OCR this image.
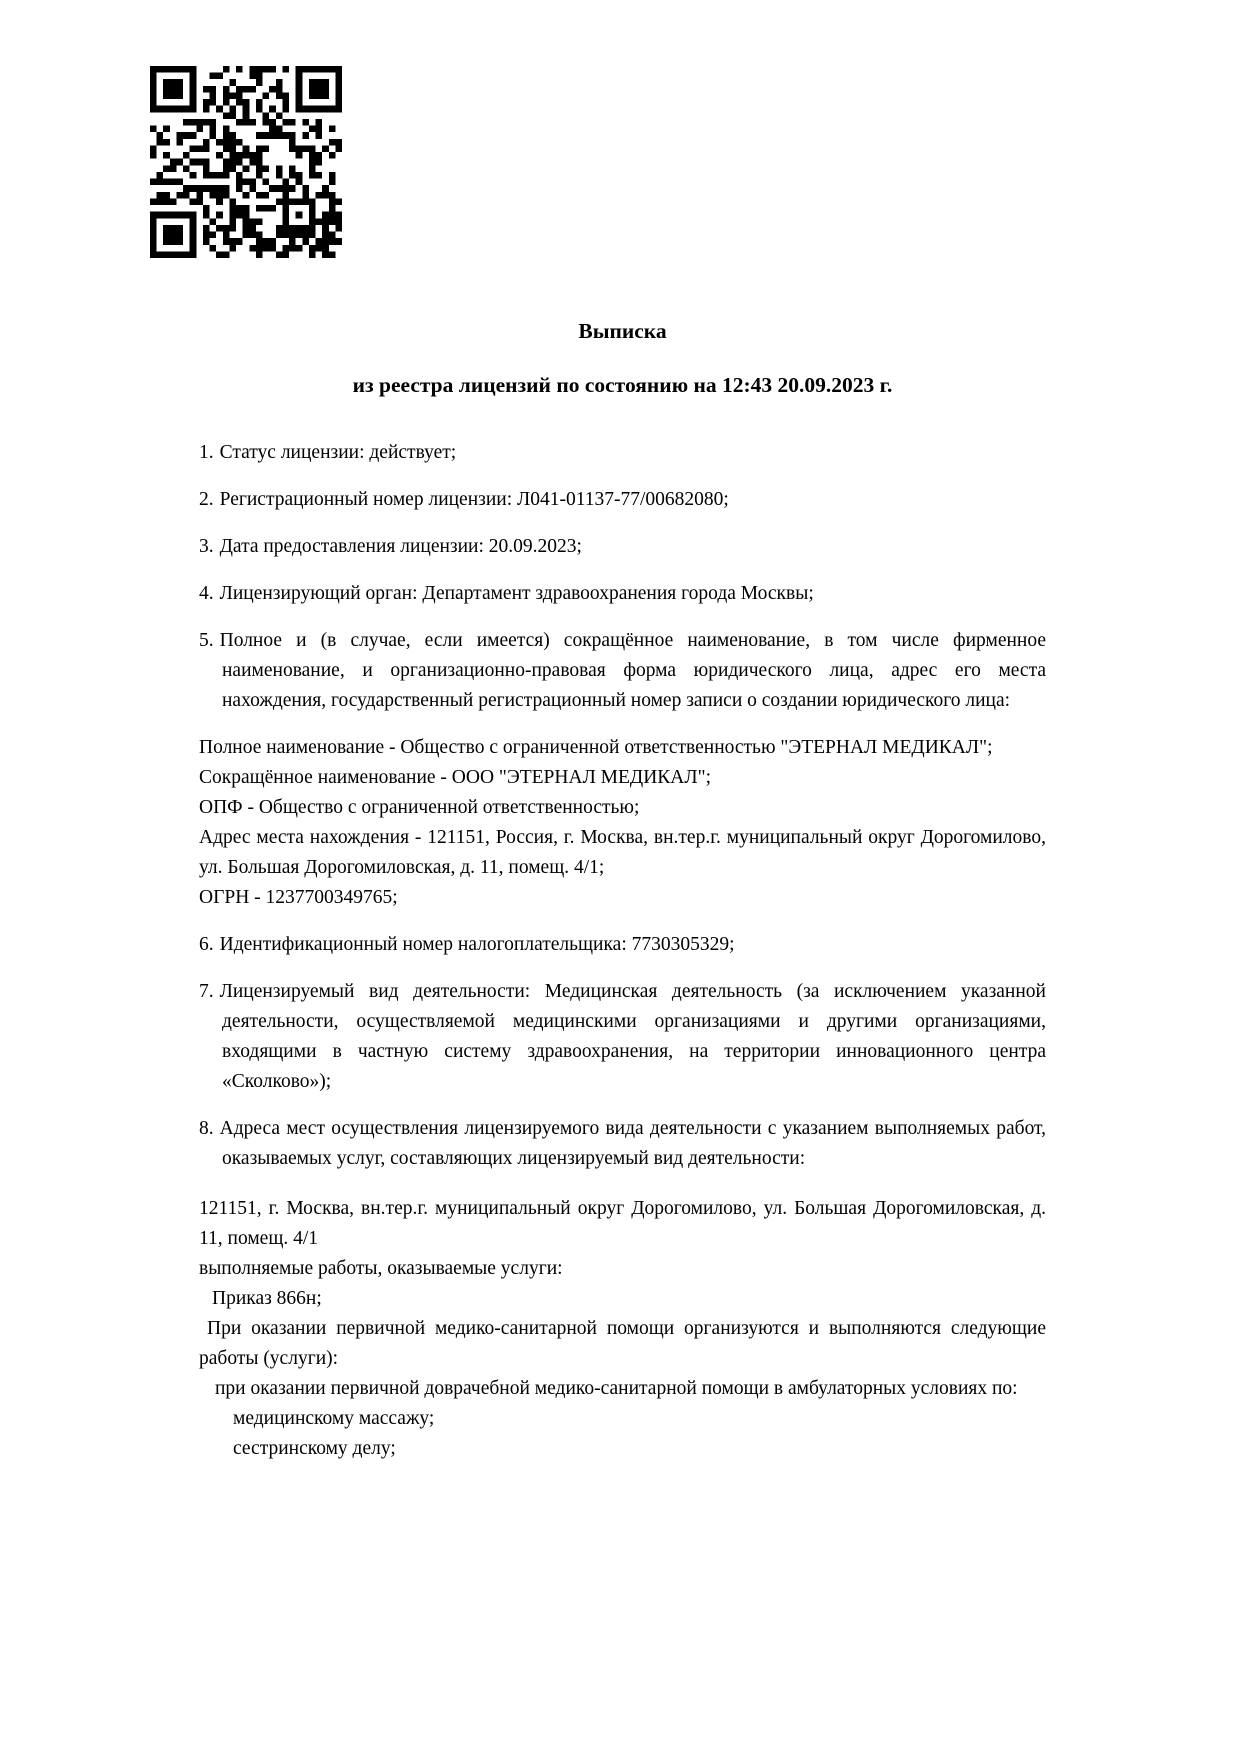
Выписка
из реестра лицензий по состоянию на 12:43 20.09.2023 г.
1. Статус лицензии: действует;
2. Регистрационный номер лицензии: Л041-01137-77/00682080;
3. Дата предоставления лицензии: 20.09.2023;
4. Лицензирующий орган: Департамент здравоохранения города Москвы;
5. Полное и (в случае, если имеется) сокращённое наименование, в том числе фирменное наименование, и организационно-правовая форма юридического лица, адрес его места нахождения, государственный регистрационный номер записи о создании юридического лица:
Полное наименование - Общество с ограниченной ответственностью "ЭТЕРНАЛ МЕДИКАЛ";
Сокращённое наименование - ООО "ЭТЕРНАЛ МЕДИКАЛ";
ОПФ - Общество с ограниченной ответственностью;
Адрес места нахождения - 121151, Россия, г. Москва, вн.тер.г. муниципальный округ Дорогомилово, ул. Большая Дорогомиловская, д. 11, помещ. 4/1;
ОГРН - 1237700349765;
6. Идентификационный номер налогоплательщика: 7730305329;
7. Лицензируемый вид деятельности: Медицинская деятельность (за исключением указанной деятельности, осуществляемой медицинскими организациями и другими организациями, входящими в частную систему здравоохранения, на территории инновационного центра «Сколково»);
8. Адреса мест осуществления лицензируемого вида деятельности с указанием выполняемых работ, оказываемых услуг, составляющих лицензируемый вид деятельности:
121151, г. Москва, вн.тер.г. муниципальный округ Дорогомилово, ул. Большая Дорогомиловская, д. 11, помещ. 4/1
выполняемые работы, оказываемые услуги:
Приказ 866н;
При оказании первичной медико-санитарной помощи организуются и выполняются следующие работы (услуги):
при оказании первичной доврачебной медико-санитарной помощи в амбулаторных условиях по:
медицинскому массажу;
сестринскому делу;
